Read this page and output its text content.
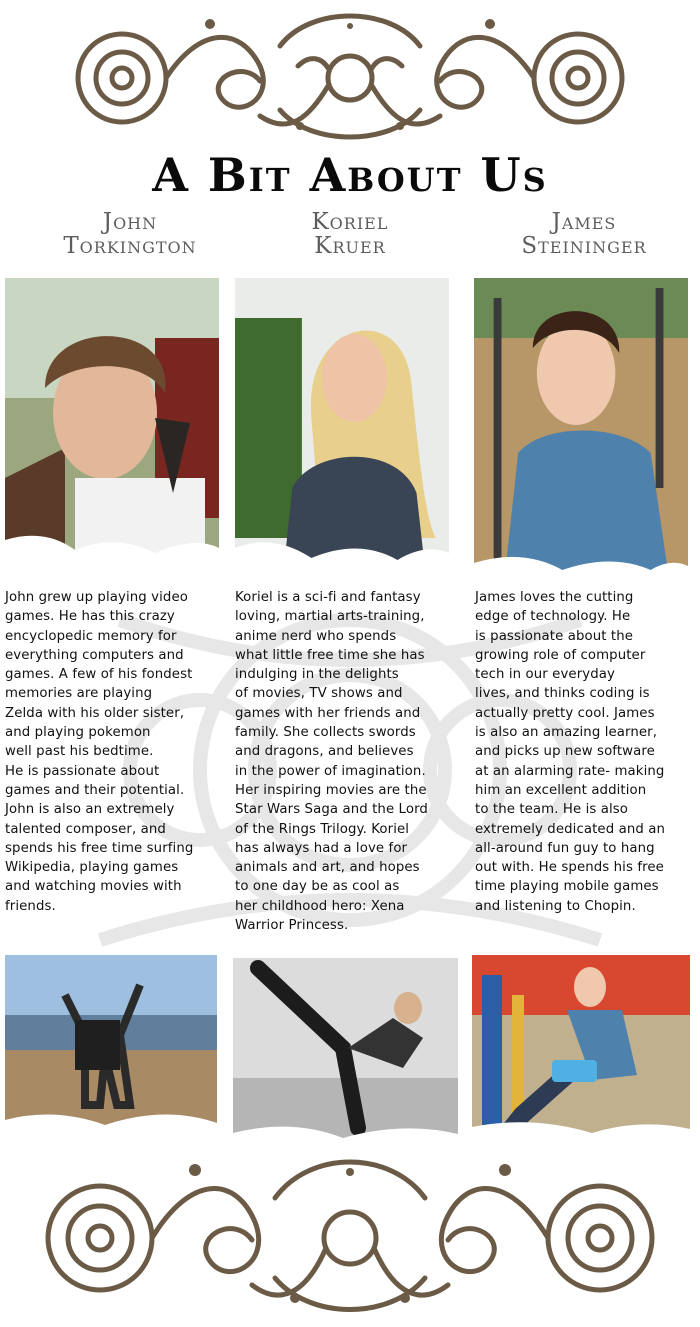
A Bit About Us
John
Torkington
Koriel
Kruer
James
Steininger
John grew up playing video
games. He has this crazy
encyclopedic memory for
everything computers and
games. A few of his fondest
memories are playing
Zelda with his older sister,
and playing pokemon
well past his bedtime.
He is passionate about
games and their potential.
John is also an extremely
talented composer, and
spends his free time surfing
Wikipedia, playing games
and watching movies with
friends.
Koriel is a sci-fi and fantasy
loving, martial arts-training,
anime nerd who spends
what little free time she has
indulging in the delights
of movies, TV shows and
games with her friends and
family. She collects swords
and dragons, and believes
in the power of imagination.
Her inspiring movies are the
Star Wars Saga and the Lord
of the Rings Trilogy. Koriel
has always had a love for
animals and art, and hopes
to one day be as cool as
her childhood hero: Xena
Warrior Princess.
James loves the cutting
edge of technology. He
is passionate about the
growing role of computer
tech in our everyday
lives, and thinks coding is
actually pretty cool. James
is also an amazing learner,
and picks up new software
at an alarming rate- making
him an excellent addition
to the team. He is also
extremely dedicated and an
all-around fun guy to hang
out with. He spends his free
time playing mobile games
and listening to Chopin.
